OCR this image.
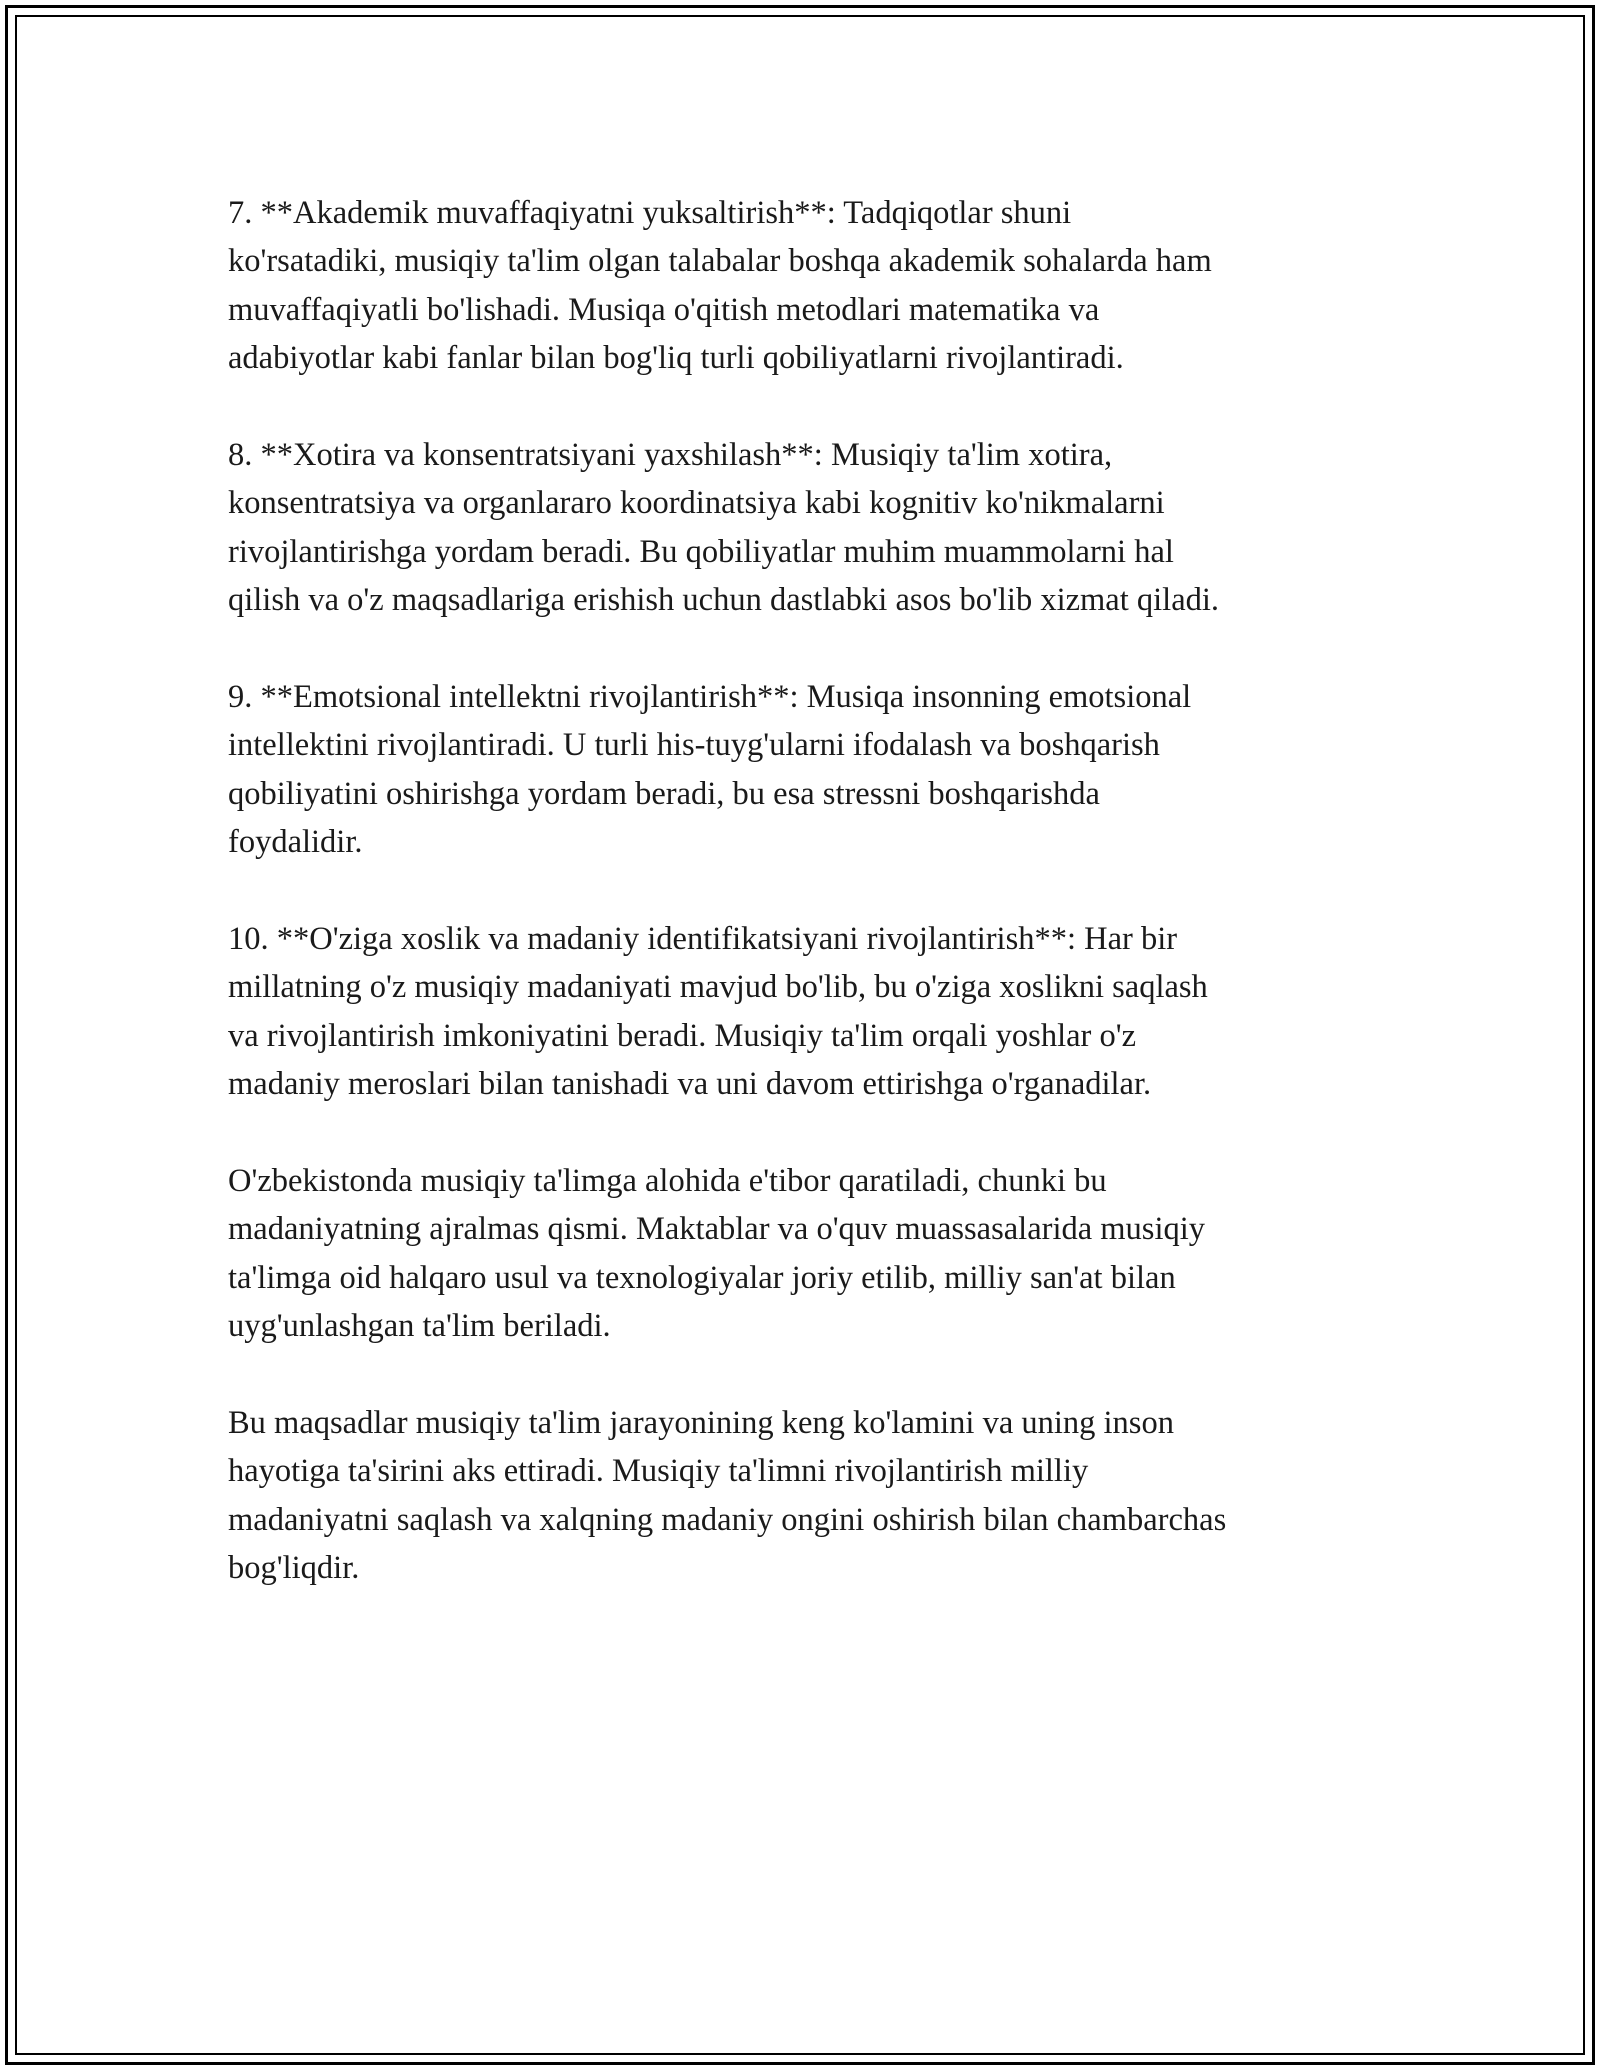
7. **Akademik muvaffaqiyatni yuksaltirish**: Tadqiqotlar shuni
ko'rsatadiki, musiqiy ta'lim olgan talabalar boshqa akademik sohalarda ham
muvaffaqiyatli bo'lishadi. Musiqa o'qitish metodlari matematika va
adabiyotlar kabi fanlar bilan bog'liq turli qobiliyatlarni rivojlantiradi.

8. **Xotira va konsentratsiyani yaxshilash**: Musiqiy ta'lim xotira,
konsentratsiya va organlararo koordinatsiya kabi kognitiv ko'nikmalarni
rivojlantirishga yordam beradi. Bu qobiliyatlar muhim muammolarni hal
qilish va o'z maqsadlariga erishish uchun dastlabki asos bo'lib xizmat qiladi.

9. **Emotsional intellektni rivojlantirish**: Musiqa insonning emotsional
intellektini rivojlantiradi. U turli his-tuyg'ularni ifodalash va boshqarish
qobiliyatini oshirishga yordam beradi, bu esa stressni boshqarishda
foydalidir.

10. **O'ziga xoslik va madaniy identifikatsiyani rivojlantirish**: Har bir
millatning o'z musiqiy madaniyati mavjud bo'lib, bu o'ziga xoslikni saqlash
va rivojlantirish imkoniyatini beradi. Musiqiy ta'lim orqali yoshlar o'z
madaniy meroslari bilan tanishadi va uni davom ettirishga o'rganadilar.

O'zbekistonda musiqiy ta'limga alohida e'tibor qaratiladi, chunki bu
madaniyatning ajralmas qismi. Maktablar va o'quv muassasalarida musiqiy
ta'limga oid halqaro usul va texnologiyalar joriy etilib, milliy san'at bilan
uyg'unlashgan ta'lim beriladi.

Bu maqsadlar musiqiy ta'lim jarayonining keng ko'lamini va uning inson
hayotiga ta'sirini aks ettiradi. Musiqiy ta'limni rivojlantirish milliy
madaniyatni saqlash va xalqning madaniy ongini oshirish bilan chambarchas
bog'liqdir.
